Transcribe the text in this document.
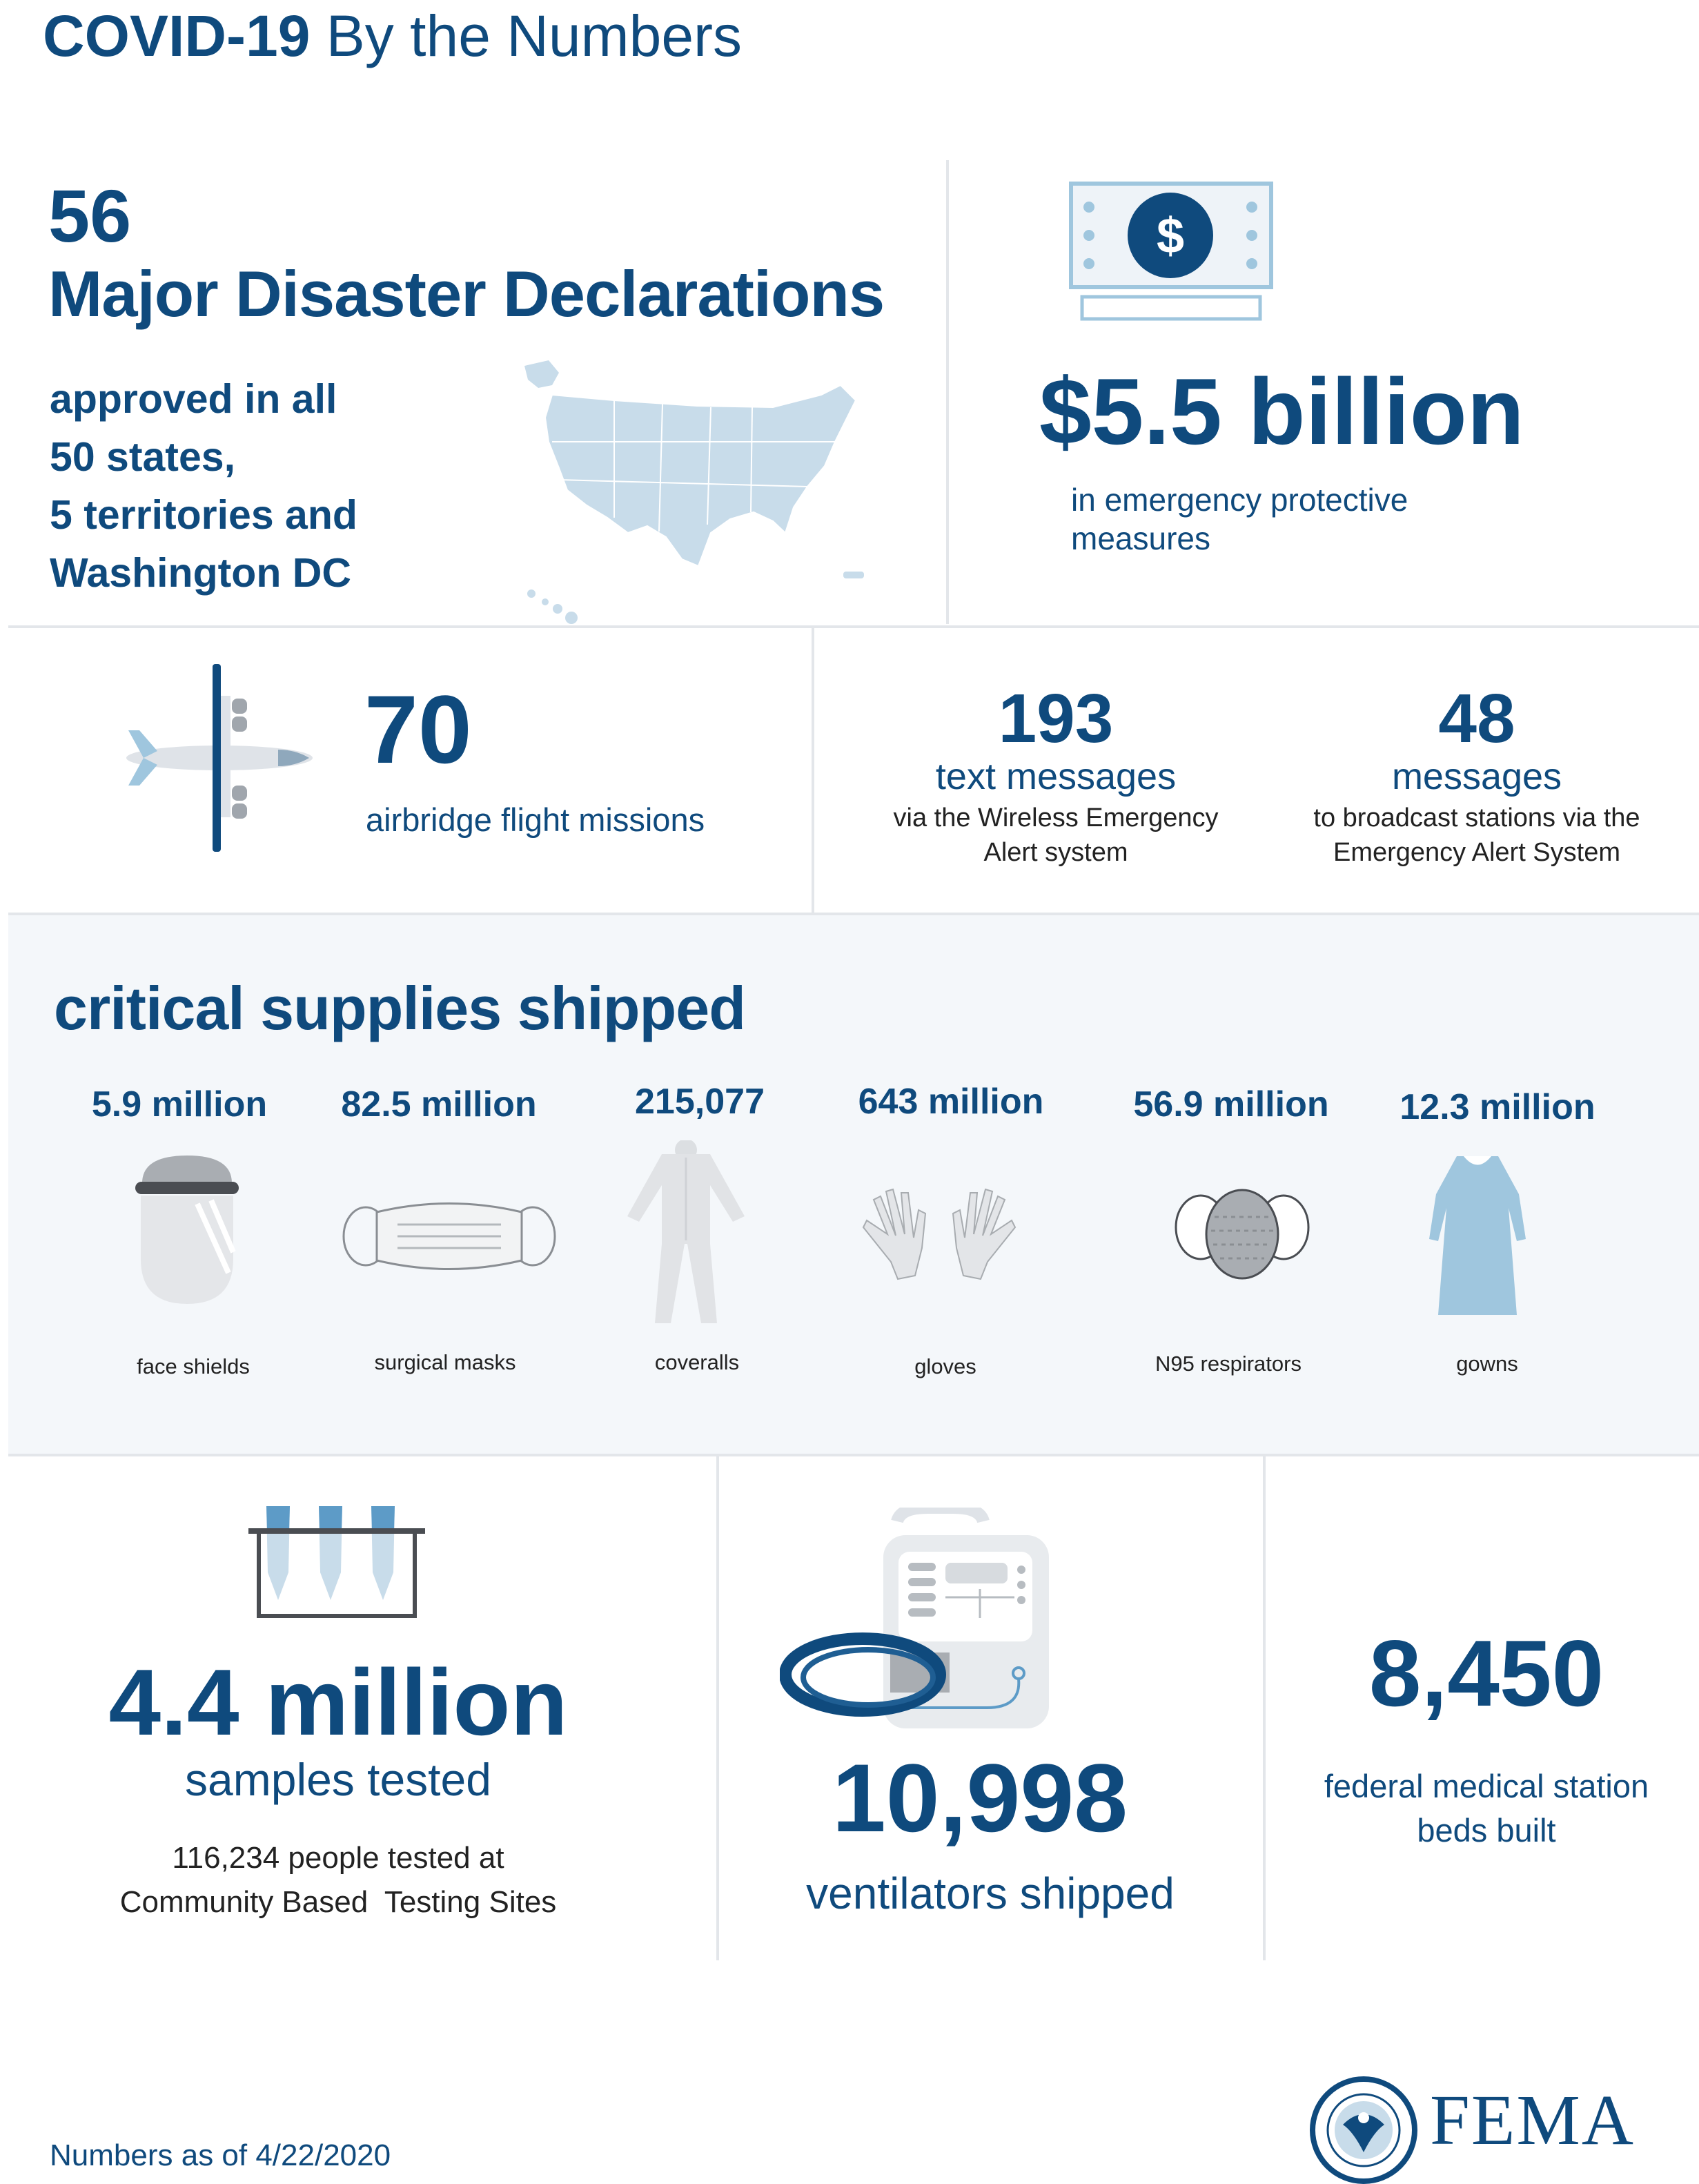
COVID-19 By the Numbers
56
Major Disaster Declarations
approved in all
50 states,
5 territories and
Washington DC
$
$5.5 billion
in emergency protective
measures
70
airbridge flight missions
193
text messages
via the Wireless Emergency
Alert system
48
messages
to broadcast stations via the
Emergency Alert System
critical supplies shipped
5.9 million	82.5 million	215,077	643 million	56.9 million	12.3 million
face shields	surgical masks	coveralls	gloves	N95 respirators	gowns
4.4 million
samples tested
116,234 people tested at
Community Based  Testing Sites
10,998
ventilators shipped
8,450
federal medical station
beds built
Numbers as of 4/22/2020	FEMA
